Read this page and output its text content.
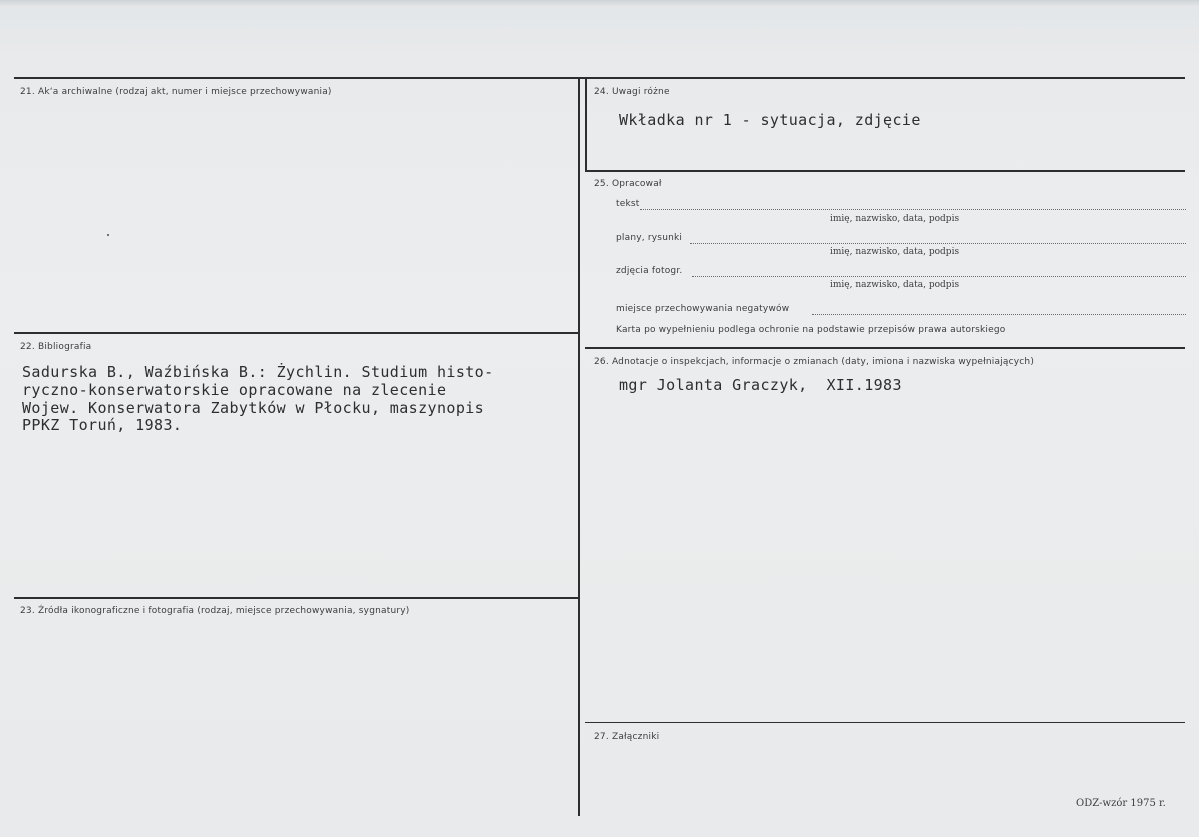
21. Ak‘a archiwalne (rodzaj akt, numer i miejsce przechowywania)
22. Bibliografia
Sadurska B., Waźbińska B.: Żychlin. Studium histo-
ryczno-konserwatorskie opracowane na zlecenie
Wojew. Konserwatora Zabytków w Płocku, maszynopis
PPKZ Toruń, 1983.
23. Źródła ikonograficzne i fotografia (rodzaj, miejsce przechowywania, sygnatury)
24. Uwagi różne
Wkładka nr 1 - sytuacja, zdjęcie
25. Opracował
tekst
imię, nazwisko, data, podpis
plany, rysunki
imię, nazwisko, data, podpis
zdjęcia fotogr.
imię, nazwisko, data, podpis
miejsce przechowywania negatywów
Karta po wypełnieniu podlega ochronie na podstawie przepisów prawa autorskiego
26. Adnotacje o inspekcjach, informacje o zmianach (daty, imiona i nazwiska wypełniających)
mgr Jolanta Graczyk,  XII.1983
27. Załączniki
ODZ-wzór 1975 r.
